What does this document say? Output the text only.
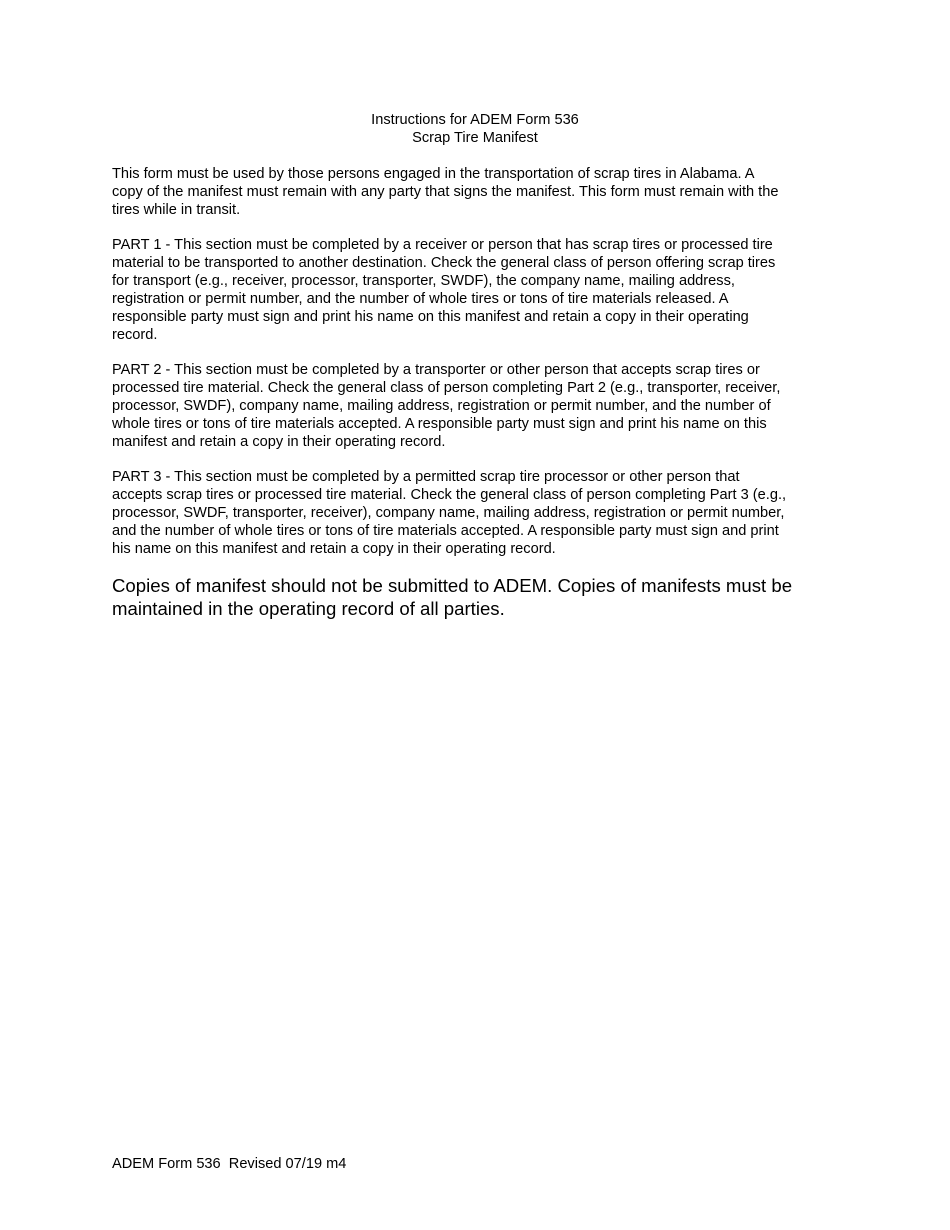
Instructions for ADEM Form 536
Scrap Tire Manifest
This form must be used by those persons engaged in the transportation of scrap tires in Alabama. A
copy of the manifest must remain with any party that signs the manifest. This form must remain with the
tires while in transit.
PART 1 - This section must be completed by a receiver or person that has scrap tires or processed tire
material to be transported to another destination. Check the general class of person offering scrap tires
for transport (e.g., receiver, processor, transporter, SWDF), the company name, mailing address,
registration or permit number, and the number of whole tires or tons of tire materials released. A
responsible party must sign and print his name on this manifest and retain a copy in their operating
record.
PART 2 - This section must be completed by a transporter or other person that accepts scrap tires or
processed tire material. Check the general class of person completing Part 2 (e.g., transporter, receiver,
processor, SWDF), company name, mailing address, registration or permit number, and the number of
whole tires or tons of tire materials accepted. A responsible party must sign and print his name on this
manifest and retain a copy in their operating record.
PART 3 - This section must be completed by a permitted scrap tire processor or other person that
accepts scrap tires or processed tire material. Check the general class of person completing Part 3 (e.g.,
processor, SWDF, transporter, receiver), company name, mailing address, registration or permit number,
and the number of whole tires or tons of tire materials accepted. A responsible party must sign and print
his name on this manifest and retain a copy in their operating record.
Copies of manifest should not be submitted to ADEM. Copies of manifests must be
maintained in the operating record of all parties.
ADEM Form 536  Revised 07/19 m4
